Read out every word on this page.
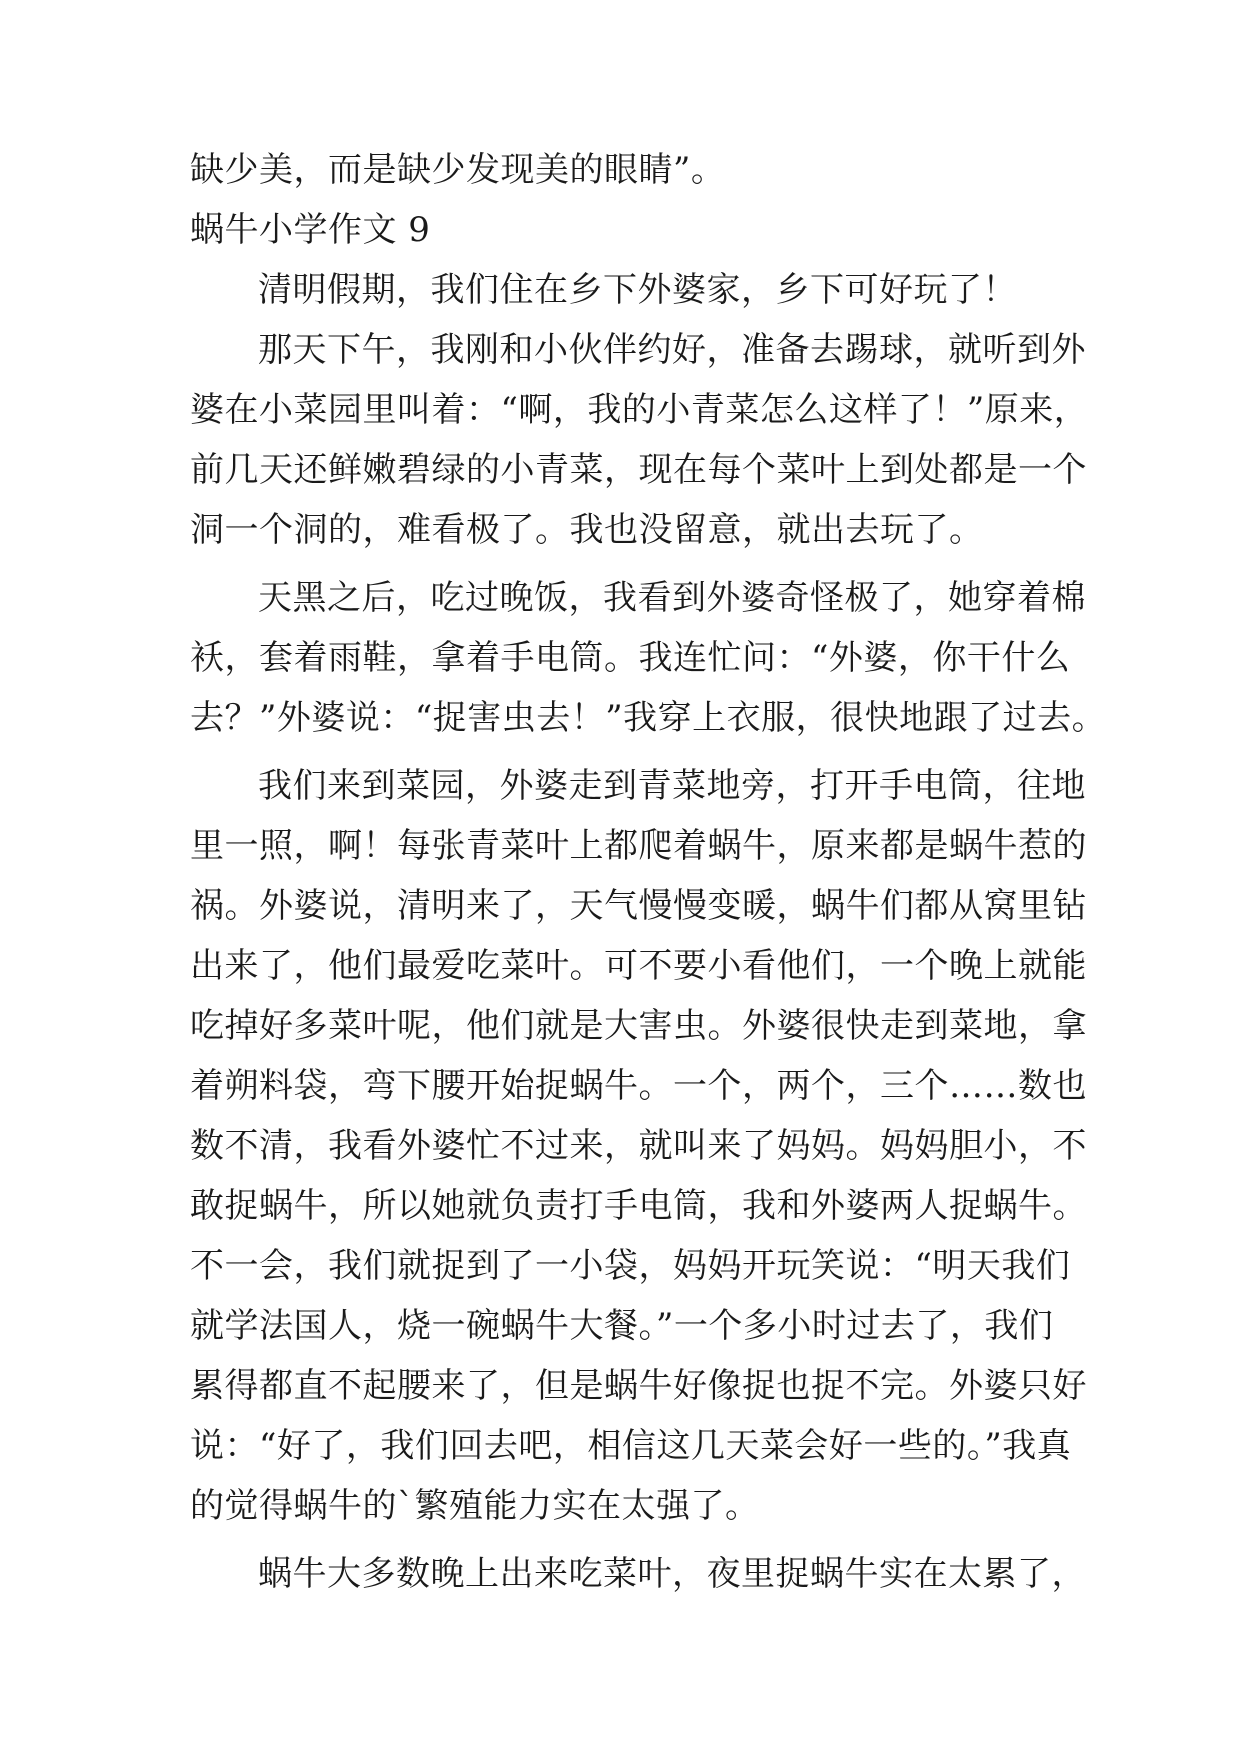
缺少美，而是缺少发现美的眼睛”。
蜗牛小学作文 9
清明假期，我们住在乡下外婆家，乡下可好玩了！
那天下午，我刚和小伙伴约好，准备去踢球，就听到外
婆在小菜园里叫着：“啊，我的小青菜怎么这样了！”原来，
前几天还鲜嫩碧绿的小青菜，现在每个菜叶上到处都是一个
洞一个洞的，难看极了。我也没留意，就出去玩了。
天黑之后，吃过晚饭，我看到外婆奇怪极了，她穿着棉
袄，套着雨鞋，拿着手电筒。我连忙问：“外婆，你干什么
去？”外婆说：“捉害虫去！”我穿上衣服，很快地跟了过去。
我们来到菜园，外婆走到青菜地旁，打开手电筒，往地
里一照，啊！每张青菜叶上都爬着蜗牛，原来都是蜗牛惹的
祸。外婆说，清明来了，天气慢慢变暖，蜗牛们都从窝里钻
出来了，他们最爱吃菜叶。可不要小看他们，一个晚上就能
吃掉好多菜叶呢，他们就是大害虫。外婆很快走到菜地，拿
着朔料袋，弯下腰开始捉蜗牛。一个，两个，三个……数也
数不清，我看外婆忙不过来，就叫来了妈妈。妈妈胆小，不
敢捉蜗牛，所以她就负责打手电筒，我和外婆两人捉蜗牛。
不一会，我们就捉到了一小袋，妈妈开玩笑说：“明天我们
就学法国人，烧一碗蜗牛大餐。”一个多小时过去了，我们
累得都直不起腰来了，但是蜗牛好像捉也捉不完。外婆只好
说：“好了，我们回去吧，相信这几天菜会好一些的。”我真
的觉得蜗牛的`繁殖能力实在太强了。
蜗牛大多数晚上出来吃菜叶，夜里捉蜗牛实在太累了，
